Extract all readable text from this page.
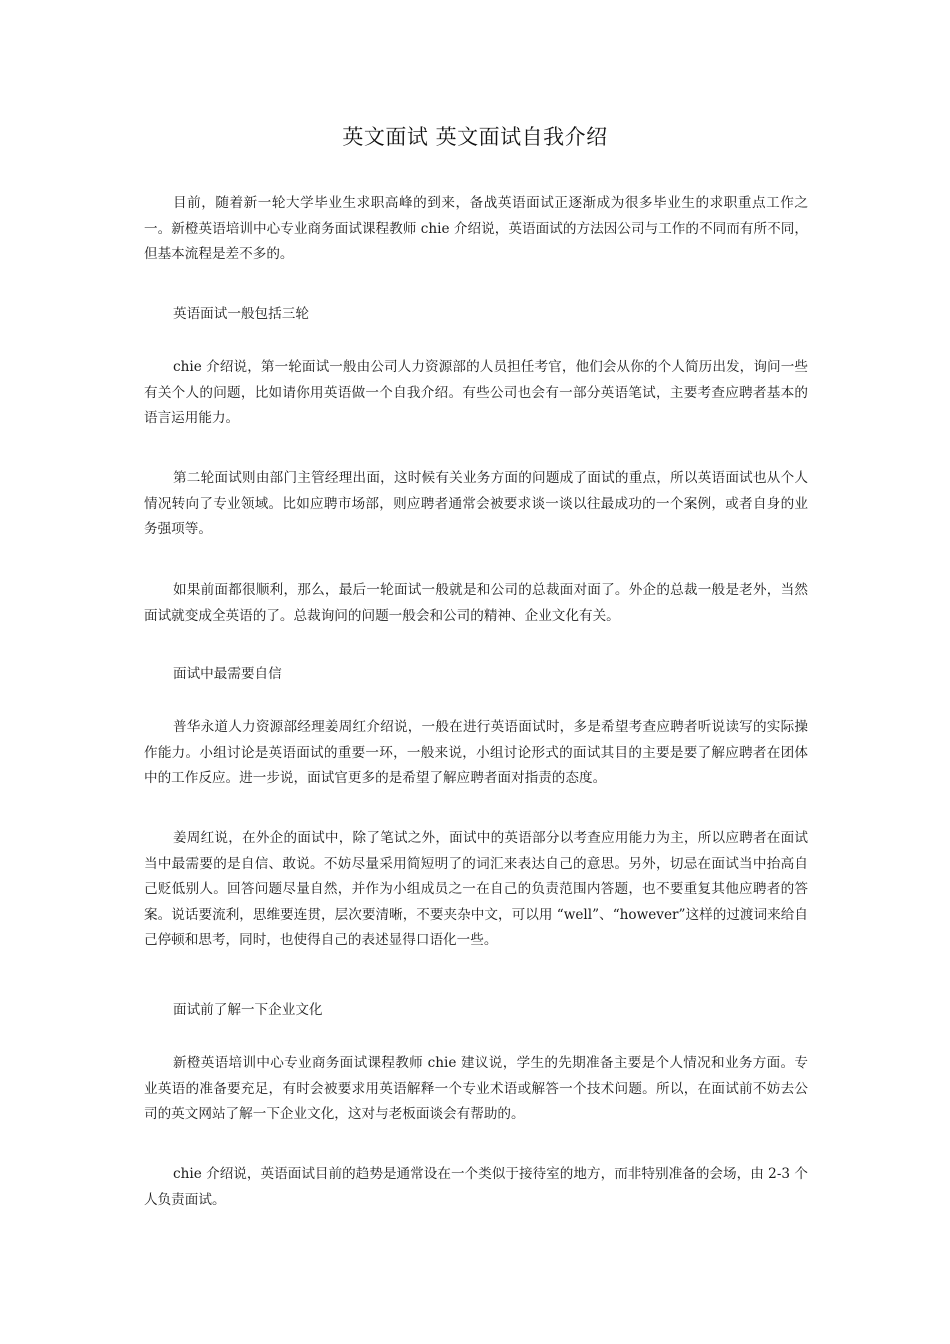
英文面试 英文面试自我介绍

目前，随着新一轮大学毕业生求职高峰的到来，备战英语面试正逐渐成为很多毕业生的求职重点工作之一。新橙英语培训中心专业商务面试课程教师 chie 介绍说，英语面试的方法因公司与工作的不同而有所不同，但基本流程是差不多的。

英语面试一般包括三轮

chie 介绍说，第一轮面试一般由公司人力资源部的人员担任考官，他们会从你的个人简历出发，询问一些有关个人的问题，比如请你用英语做一个自我介绍。有些公司也会有一部分英语笔试，主要考查应聘者基本的语言运用能力。

第二轮面试则由部门主管经理出面，这时候有关业务方面的问题成了面试的重点，所以英语面试也从个人情况转向了专业领域。比如应聘市场部，则应聘者通常会被要求谈一谈以往最成功的一个案例，或者自身的业务强项等。

如果前面都很顺利，那么，最后一轮面试一般就是和公司的总裁面对面了。外企的总裁一般是老外，当然面试就变成全英语的了。总裁询问的问题一般会和公司的精神、企业文化有关。

面试中最需要自信

普华永道人力资源部经理姜周红介绍说，一般在进行英语面试时，多是希望考查应聘者听说读写的实际操作能力。小组讨论是英语面试的重要一环，一般来说，小组讨论形式的面试其目的主要是要了解应聘者在团体中的工作反应。进一步说，面试官更多的是希望了解应聘者面对指责的态度。

姜周红说，在外企的面试中，除了笔试之外，面试中的英语部分以考查应用能力为主，所以应聘者在面试当中最需要的是自信、敢说。不妨尽量采用简短明了的词汇来表达自己的意思。另外，切忌在面试当中抬高自己贬低别人。回答问题尽量自然，并作为小组成员之一在自己的负责范围内答题，也不要重复其他应聘者的答案。说话要流利，思维要连贯，层次要清晰，不要夹杂中文，可以用 “well”、“however”这样的过渡词来给自己停顿和思考，同时，也使得自己的表述显得口语化一些。

面试前了解一下企业文化

新橙英语培训中心专业商务面试课程教师 chie 建议说，学生的先期准备主要是个人情况和业务方面。专业英语的准备要充足，有时会被要求用英语解释一个专业术语或解答一个技术问题。所以，在面试前不妨去公司的英文网站了解一下企业文化，这对与老板面谈会有帮助的。

chie 介绍说，英语面试目前的趋势是通常设在一个类似于接待室的地方，而非特别准备的会场，由 2-3 个人负责面试。
